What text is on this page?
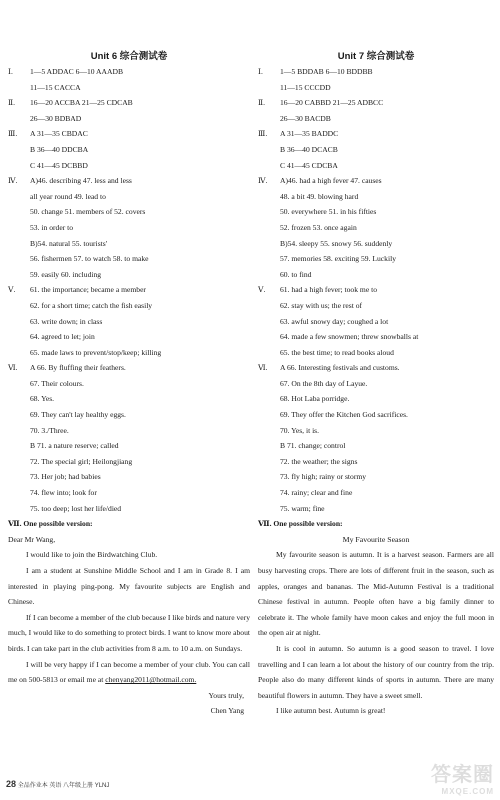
Unit 6 综合测试卷
Ⅰ. 1—5 ADDAC 6—10 AAADB
11—15 CACCA
Ⅱ. 16—20 ACCBA 21—25 CDCAB
26—30 BDBAD
Ⅲ. A 31—35 CBDAC
B 36—40 DDCBA
C 41—45 DCBBD
Ⅳ. A)46. describing 47. less and less
all year round 49. lead to
50. change 51. members of 52. covers
53. in order to
B)54. natural 55. tourists'
56. fishermen 57. to watch 58. to make
59. easily 60. including
Ⅴ. 61. the importance; became a member
62. for a short time; catch the fish easily
63. write down; in class
64. agreed to let; join
65. made laws to prevent/stop/keep; killing
Ⅵ. A 66. By fluffing their feathers.
67. Their colours.
68. Yes.
69. They can't lay healthy eggs.
70. 3./Three.
B 71. a nature reserve; called
72. The special girl; Heilongjiang
73. Her job; had babies
74. flew into; look for
75. too deep; lost her life/died
Ⅶ. One possible version:

Dear Mr Wang,

I would like to join the Birdwatching Club.

I am a student at Sunshine Middle School and I am in Grade 8. I am interested in playing ping-pong. My favourite subjects are English and Chinese.

If I can become a member of the club because I like birds and nature very much, I would like to do something to protect birds. I want to know more about birds. I can take part in the club activities from 8 a.m. to 10 a.m. on Sundays.

I will be very happy if I can become a member of your club. You can call me on 500-5813 or email me at chenyang2011@hotmail.com.

Yours truly,

Chen Yang

Unit 7 综合测试卷
Ⅰ. 1—5 BDDAB 6—10 BDDBB
11—15 CCCDD
Ⅱ. 16—20 CABBD 21—25 ADBCC
26—30 BACDB
Ⅲ. A 31—35 BADDC
B 36—40 DCACB
C 41—45 CDCBA
Ⅳ. A)46. had a high fever 47. causes
48. a bit 49. blowing hard
50. everywhere 51. in his fifties
52. frozen 53. once again
B)54. sleepy 55. snowy 56. suddenly
57. memories 58. exciting 59. Luckily
60. to find
Ⅴ. 61. had a high fever; took me to
62. stay with us; the rest of
63. awful snowy day; coughed a lot
64. made a few snowmen; threw snowballs at
65. the best time; to read books aloud
Ⅵ. A 66. Interesting festivals and customs.
67. On the 8th day of Layue.
68. Hot Laba porridge.
69. They offer the Kitchen God sacrifices.
70. Yes, it is.
B 71. change; control
72. the weather; the signs
73. fly high; rainy or stormy
74. rainy; clear and fine
75. warm; fine
Ⅶ. One possible version:
My Favourite Season

My favourite season is autumn. It is a harvest season. Farmers are all busy harvesting crops. There are lots of different fruit in the season, such as apples, oranges and bananas. The Mid-Autumn Festival is a traditional Chinese festival in autumn. People often have a big family dinner to celebrate it. The whole family have moon cakes and enjoy the full moon in the open air at night.

It is cool in autumn. So autumn is a good season to travel. I love travelling and I can learn a lot about the history of our country from the trip. People also do many different kinds of sports in autumn. There are many beautiful flowers in autumn. They have a sweet smell.

I like autumn best. Autumn is great!

28 全品作业本 英语 八年级上册 YLNJ	答案圈
MXQE.COM
